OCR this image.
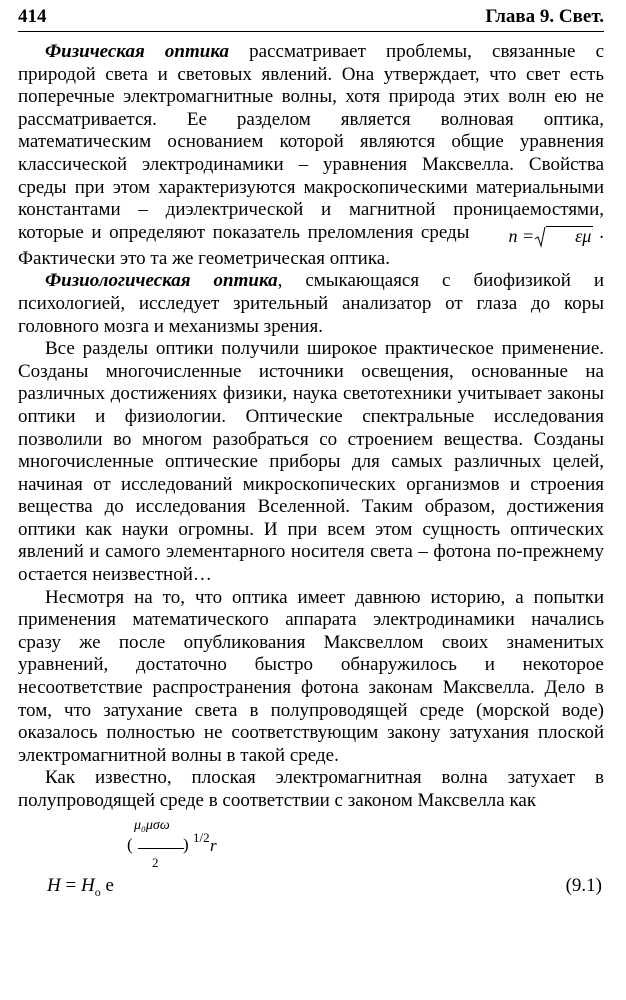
414	Глава 9. Свет.

Физическая оптика рассматривает проблемы, связанные с природой света и световых явлений. Она утверждает, что свет есть поперечные электромагнитные волны, хотя природа этих волн ею не рассматривается. Ее разделом является волновая оптика, математическим основанием которой являются общие уравнения классической электродинамики – уравнения Максвелла. Свойства среды при этом характеризуются макроскопическими материальными константами – диэлектрической и магнитной проницаемостями, которые и определяют показатель преломления среды n = εμ . Фактически это та же геометрическая оптика.

Физиологическая оптика, смыкающаяся с биофизикой и психологией, исследует зрительный анализатор от глаза до коры головного мозга и механизмы зрения.

Все разделы оптики получили широкое практическое применение. Созданы многочисленные источники освещения, основанные на различных достижениях физики, наука светотехники учитывает законы оптики и физиологии. Оптические спектральные исследования позволили во многом разобраться со строением вещества. Созданы многочисленные оптические приборы для самых различных целей, начиная от исследований микроскопических организмов и строения вещества до исследования Вселенной. Таким образом, достижения оптики как науки огромны. И при всем этом сущность оптических явлений и самого элементарного носителя света – фотона по-прежнему остается неизвестной…

Несмотря на то, что оптика имеет давнюю историю, а попытки применения математического аппарата электродинамики начались сразу же после опубликования Максвеллом своих знаменитых уравнений, достаточно быстро обнаружилось и некоторое несоответствие распространения фотона законам Максвелла. Дело в том, что затухание света в полупроводящей среде (морской воде) оказалось полностью не соответствующим закону затухания плоской электромагнитной волны в такой среде.

Как известно, плоская электромагнитная волна затухает в полупроводящей среде в соответствии с законом Максвелла как

μ₀μσω
(	) 1/2 r
2
$H = H_o$ e	(9.1)
